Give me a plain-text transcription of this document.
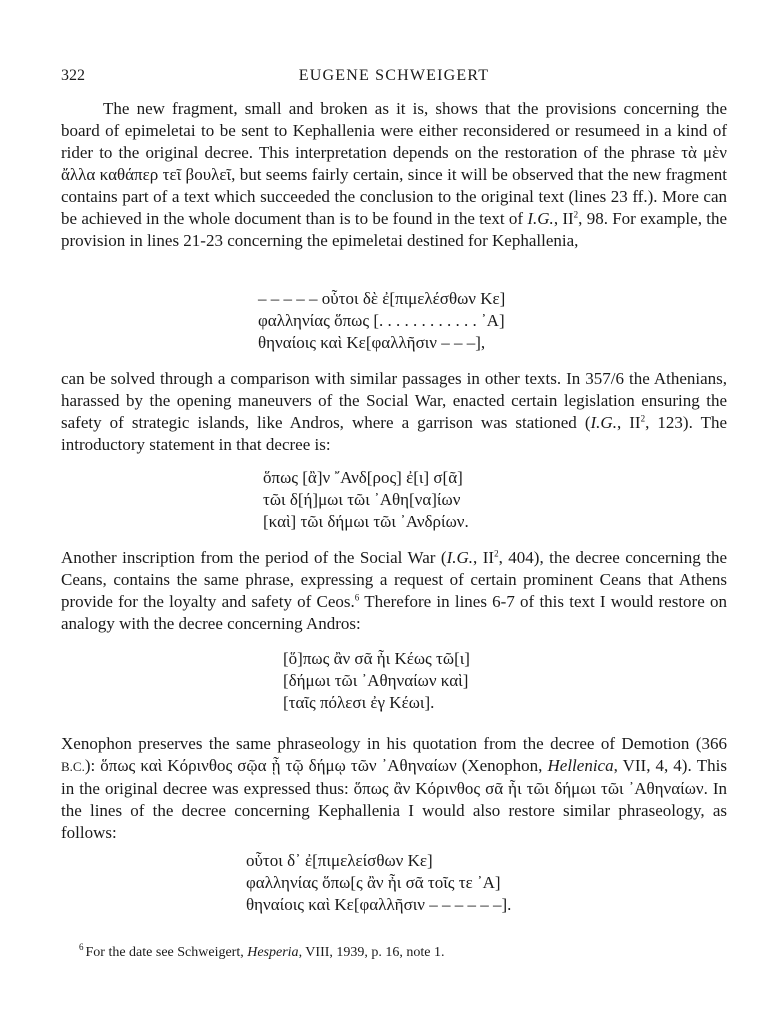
322	EUGENE SCHWEIGERT

The new fragment, small and broken as it is, shows that the provisions concerning the board of epimeletai to be sent to Kephallenia were either reconsidered or resumeed in a kind of rider to the original decree. This interpretation depends on the restoration of the phrase τὰ μὲν ἄλλα καθάπερ τεῖ βουλεῖ, but seems fairly certain, since it will be observed that the new fragment contains part of a text which succeeded the conclusion to the original text (lines 23 ff.). More can be achieved in the whole document than is to be found in the text of I.G., $II^2$, 98. For example, the provision in lines 21-23 concerning the epimeletai destined for Kephallenia,

– – – – – οὗτοι δὲ ἐ[πιμελέσθων Κε]
φαλληνίας ὅπως [. . . . . . . . . . . . ᾽Α]
θηναίοις καὶ Κε[φαλλῆσιν – – –],

can be solved through a comparison with similar passages in other texts. In 357/6 the Athenians, harassed by the opening maneuvers of the Social War, enacted certain legislation ensuring the safety of strategic islands, like Andros, where a garrison was stationed (I.G., $II^2$, 123). The introductory statement in that decree is:

ὅπως [ἂ]ν ῎Ανδ[ρος] ἐ[ι] σ[ᾶ]
τῶι δ[ή]μωι τῶι ᾽Αθη[να]ίων
[καὶ] τῶι δήμωι τῶι ᾽Ανδρίων.

Another inscription from the period of the Social War (I.G., $II^2$, 404), the decree concerning the Ceans, contains the same phrase, expressing a request of certain prominent Ceans that Athens provide for the loyalty and safety of Ceos.$^6$ Therefore in lines 6-7 of this text I would restore on analogy with the decree concerning Andros:

[ὅ]πως ἂν σᾶ ἦι Κέως τῶ[ι]
[δήμωι τῶι ᾽Αθηναίων καὶ]
[ταῖς πόλεσι ἐγ Κέωι].

Xenophon preserves the same phraseology in his quotation from the decree of Demotion (366 B.C.): ὅπως καὶ Κόρινθος σῷα ᾖ τῷ δήμῳ τῶν ᾽Αθηναίων (Xenophon, Hellenica, VII, 4, 4). This in the original decree was expressed thus: ὅπως ἂν Κόρινθος σᾶ ἦι τῶι δήμωι τῶι ᾽Αθηναίων. In the lines of the decree concerning Kephallenia I would also restore similar phraseology, as follows:

οὗτοι δ᾽ ἐ[πιμελείσθων Κε]
φαλληνίας ὅπω[ς ἂν ἦι σᾶ τοῖς τε ᾽Α]
θηναίοις καὶ Κε[φαλλῆσιν – – – – – –].
$^6$ For the date see Schweigert, Hesperia, VIII, 1939, p. 16, note 1.
